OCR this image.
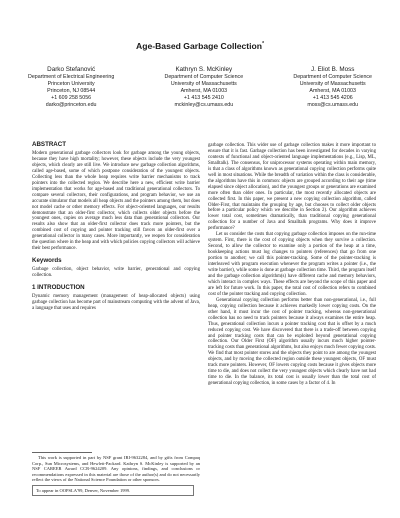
Age-Based Garbage Collection*
Darko Stefanović
Department of Electrical Engineering
Princeton University
Princeton, NJ 08544
+1 609 258 5056
darko@princeton.edu
Kathryn S. McKinley
Department of Computer Science
University of Massachusetts
Amherst, MA 01003
+1 413 545 2410
mckinley@cs.umass.edu
J. Eliot B. Moss
Department of Computer Science
University of Massachusetts
Amherst, MA 01003
+1 413 545 4206
moss@cs.umass.edu
ABSTRACT

Modern generational garbage collectors look for garbage among the young objects, because they have high mortality; however, these objects include the very youngest objects, which clearly are still live. We introduce new garbage collection algorithms, called age-based, some of which postpone consideration of the youngest objects. Collecting less than the whole heap requires write barrier mechanisms to track pointers into the collected region. We describe here a new, efficient write barrier implementation that works for age-based and traditional generational collectors. To compare several collectors, their configurations, and program behavior, we use an accurate simulator that models all heap objects and the pointers among them, but does not model cache or other memory effects. For object-oriented languages, our results demonstrate that an older-first collector, which collects older objects before the youngest ones, copies on average much less data than generational collectors. Our results also show that an older-first collector does track more pointers, but the combined cost of copying and pointer tracking still favors an older-first over a generational collector in many cases. More importantly, we reopen for consideration the question where in the heap and with which policies copying collectors will achieve their best performance.

Keywords

Garbage collection, object behavior, write barrier, generational and copying collection.

1 INTRODUCTION

Dynamic memory management (management of heap-allocated objects) using garbage collection has become part of mainstream computing with the advent of Java, a language that uses and requires

This work is supported in part by NSF grant IRI-9632284, and by gifts from Compaq Corp., Sun Microsystems, and Hewlett-Packard. Kathryn S. McKinley is supported by an NSF CAREER Award CCR-9624209. Any opinions, findings, and conclusions or recommendations expressed in this material are those of the author(s) and do not necessarily reflect the views of the National Science Foundation or other sponsors.

To appear in OOPSLA'99, Denver, November 1999.

garbage collection. This wider use of garbage collection makes it more important to ensure that it is fast. Garbage collection has been investigated for decades in varying contexts of functional and object-oriented language implementations (e.g., Lisp, ML, Smalltalk). The consensus, for uniprocessor systems operating within main memory, is that a class of algorithms known as generational copying collection performs quite well in most situations. While the breadth of variation within the class is considerable, the algorithms have this in common: objects are grouped according to their age (time elapsed since object allocation), and the youngest groups or generations are examined more often than older ones. In particular, the most recently allocated objects are collected first. In this paper, we present a new copying collection algorithm, called Older-First, that maintains the grouping by age, but chooses to collect older objects before a particular policy which we describe in Section 2). Our algorithm achieves lower total cost, sometimes dramatically, than traditional copying generational collection for a number of Java and Smalltalk programs. Why does it improve performance?

Let us consider the costs that copying garbage collection imposes on the run-time system. First, there is the cost of copying objects when they survive a collection. Second, to allow the collector to examine only a portion of the heap at a time, bookkeeping actions must log changes to pointers (references) that go from one portion to another; we call this pointer-tracking. Some of the pointer-tracking is interleaved with program execution whenever the program writes a pointer (i.e., the write barrier), while some is done at garbage collection time. Third, the program itself and the garbage collection algorithm(s) have different cache and memory behaviors, which interact in complex ways. These effects are beyond the scope of this paper and are left for future work. In this paper, the total cost of collection refers to combined cost of the pointer tracking and copying collection.

Generational copying collection performs better than non-generational, i.e., full heap, copying collection because it achieves markedly lower copying costs. On the other hand, it must incur the cost of pointer tracking, whereas non-generational collection has no need to track pointers because it always examines the entire heap. Thus, generational collection incurs a pointer tracking cost that is offset by a much reduced copying cost. We have discovered that there is a trade-off between copying and pointer tracking costs that can be exploited beyond generational copying collection. Our Older First (OF) algorithm usually incurs much higher pointer-tracking costs than generational algorithms, but also enjoys much fewer copying costs. We find that most pointer stores and the objects they point to are among the youngest objects, and by moving the collected region outside these youngest objects, OF must track more pointers. However, OF lowers copying costs because it gives objects more time to die, and does not collect the very youngest objects which clearly have not had time to die. In the balance, its total cost is usually lower than the total cost of generational copying collection, in some cases by a factor of 4. In
